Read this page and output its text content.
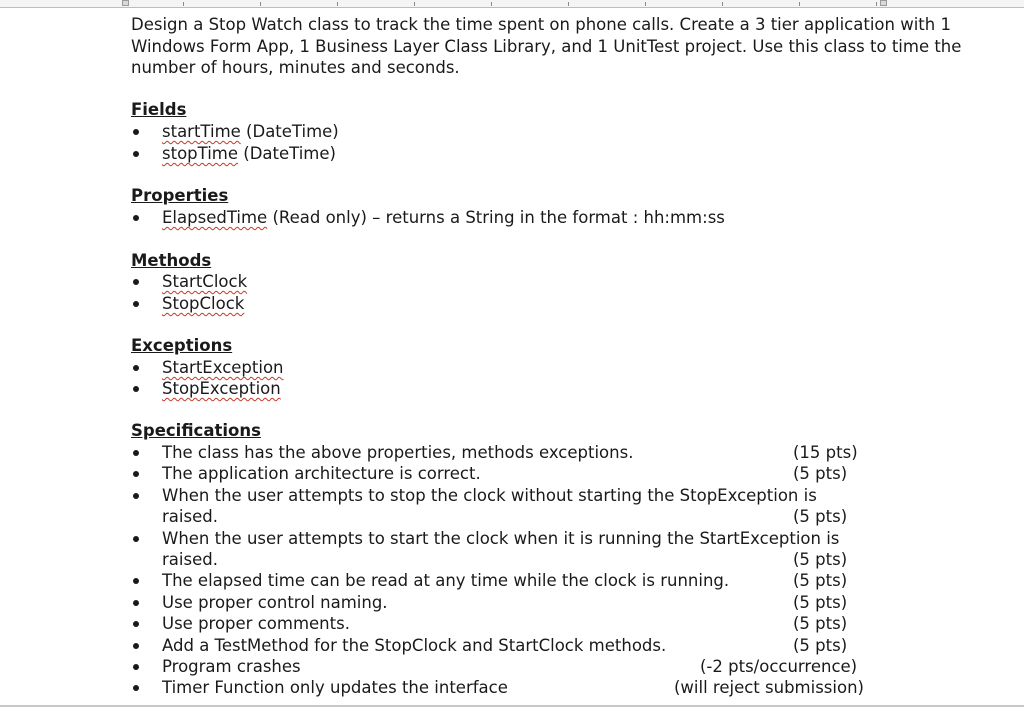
Design a Stop Watch class to track the time spent on phone calls. Create a 3 tier application with 1 Windows Form App, 1 Business Layer Class Library, and 1 UnitTest project. Use this class to time the number of hours, minutes and seconds.

Fields
startTime (DateTime)
stopTime (DateTime)
Properties
ElapsedTime (Read only) – returns a String in the format : hh:mm:ss
Methods
StartClock
StopClock
Exceptions
StartException
StopException
Specifications
The class has the above properties, methods exceptions.	(15 pts)
The application architecture is correct.	(5 pts)
When the user attempts to stop the clock without starting the StopException is
raised.	(5 pts)
When the user attempts to start the clock when it is running the StartException is
raised.	(5 pts)
The elapsed time can be read at any time while the clock is running.	(5 pts)
Use proper control naming.	(5 pts)
Use proper comments.	(5 pts)
Add a TestMethod for the StopClock and StartClock methods.	(5 pts)
Program crashes	(-2 pts/occurrence)
Timer Function only updates the interface	(will reject submission)
